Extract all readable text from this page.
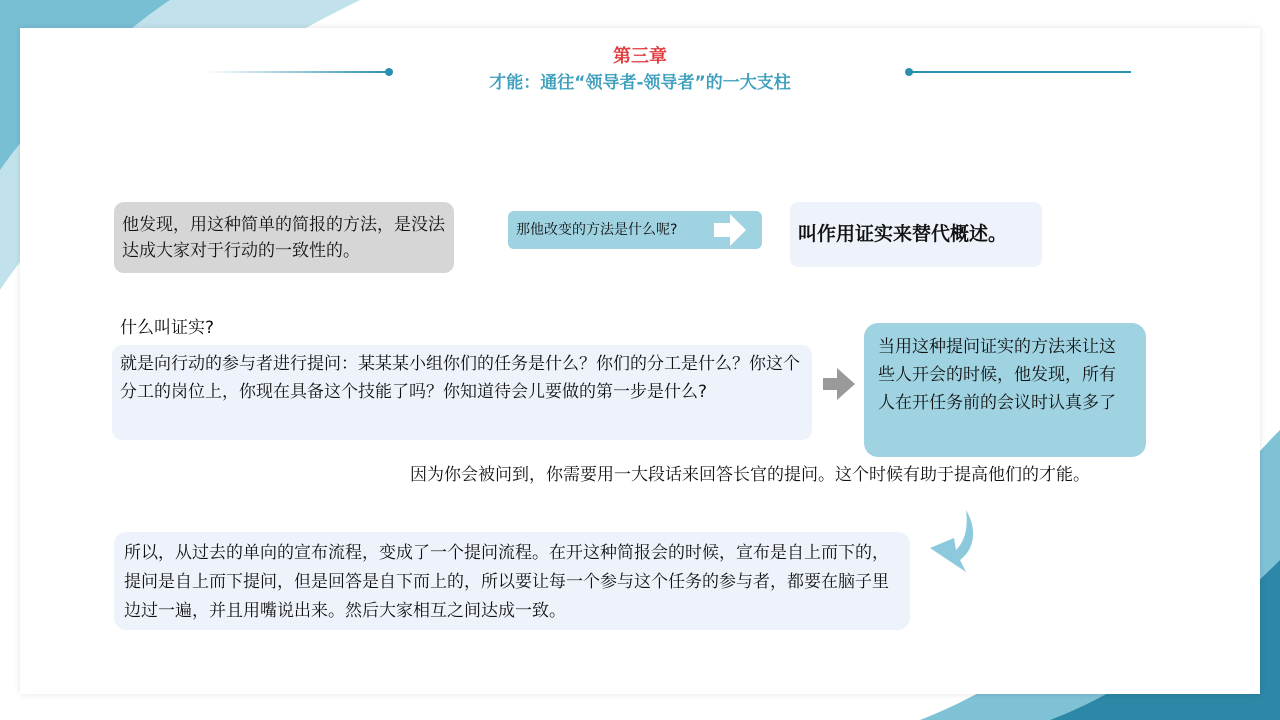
第三章
才能：通往“领导者-领导者”的一大支柱
他发现，用这种简单的简报的方法，是没法达成大家对于行动的一致性的。
那他改变的方法是什么呢?	叫作用证实来替代概述。
什么叫证实?
就是向行动的参与者进行提问：某某某小组你们的任务是什么？你们的分工是什么？你这个分工的岗位上，你现在具备这个技能了吗？你知道待会儿要做的第一步是什么?
当用这种提问证实的方法来让这些人开会的时候，他发现，所有人在开任务前的会议时认真多了
因为你会被问到，你需要用一大段话来回答长官的提问。这个时候有助于提高他们的才能。
所以，从过去的单向的宣布流程，变成了一个提问流程。在开这种简报会的时候，宣布是自上而下的，提问是自上而下提问，但是回答是自下而上的，所以要让每一个参与这个任务的参与者，都要在脑子里边过一遍，并且用嘴说出来。然后大家相互之间达成一致。
